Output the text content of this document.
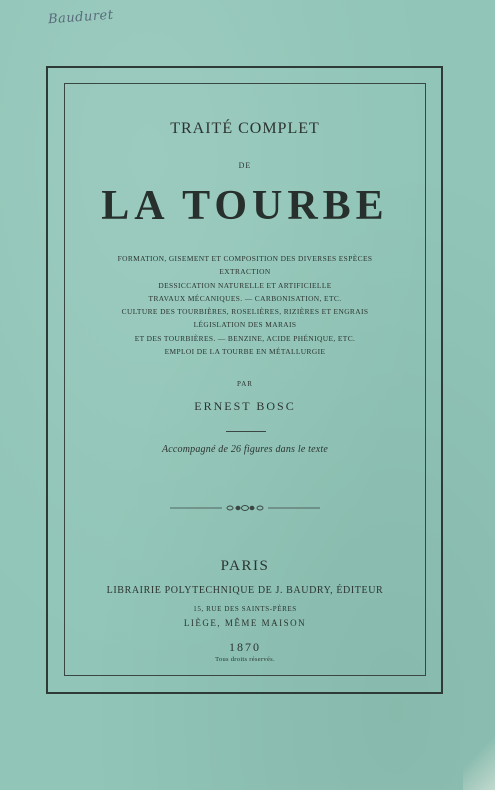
Bauduret
TRAITÉ COMPLET
DE
LA TOURBE
FORMATION, GISEMENT ET COMPOSITION DES DIVERSES ESPÈCES
EXTRACTION
DESSICCATION NATURELLE ET ARTIFICIELLE
TRAVAUX MÉCANIQUES. — CARBONISATION, ETC.
CULTURE DES TOURBIÈRES, ROSELIÈRES, RIZIÈRES ET ENGRAIS
LÉGISLATION DES MARAIS
ET DES TOURBIÈRES. — BENZINE, ACIDE PHÉNIQUE, ETC.
EMPLOI DE LA TOURBE EN MÉTALLURGIE
PAR
ERNEST BOSC
Accompagné de 26 figures dans le texte
PARIS
LIBRAIRIE POLYTECHNIQUE DE J. BAUDRY, ÉDITEUR
15, RUE DES SAINTS-PÈRES
LIÈGE, MÊME MAISON
1870
Tous droits réservés.
